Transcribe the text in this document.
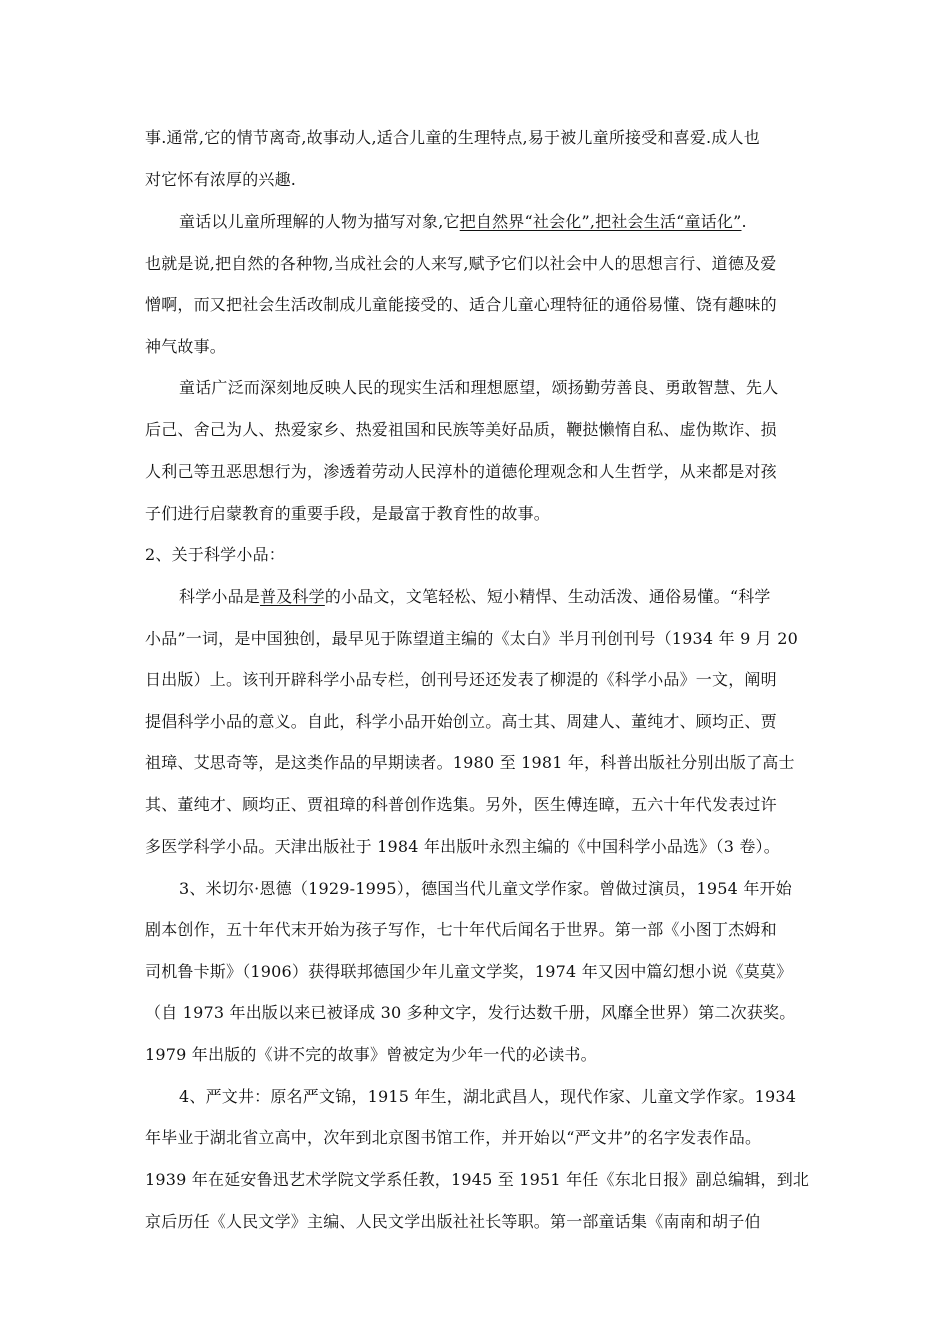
事.通常,它的情节离奇,故事动人,适合儿童的生理特点,易于被儿童所接受和喜爱.成人也
对它怀有浓厚的兴趣.
童话以儿童所理解的人物为描写对象,它把自然界“社会化”,把社会生活“童话化”.
也就是说,把自然的各种物,当成社会的人来写,赋予它们以社会中人的思想言行、道德及爱
憎啊，而又把社会生活改制成儿童能接受的、适合儿童心理特征的通俗易懂、饶有趣味的
神气故事。
童话广泛而深刻地反映人民的现实生活和理想愿望，颂扬勤劳善良、勇敢智慧、先人
后己、舍己为人、热爱家乡、热爱祖国和民族等美好品质，鞭挞懒惰自私、虚伪欺诈、损
人利己等丑恶思想行为，渗透着劳动人民淳朴的道德伦理观念和人生哲学，从来都是对孩
子们进行启蒙教育的重要手段，是最富于教育性的故事。
2、关于科学小品：
科学小品是普及科学的小品文，文笔轻松、短小精悍、生动活泼、通俗易懂。“科学
小品”一词，是中国独创，最早见于陈望道主编的《太白》半月刊创刊号（1934 年 9 月 20
日出版）上。该刊开辟科学小品专栏，创刊号还还发表了柳湜的《科学小品》一文，阐明
提倡科学小品的意义。自此，科学小品开始创立。高士其、周建人、董纯才、顾均正、贾
祖璋、艾思奇等，是这类作品的早期读者。1980 至 1981 年，科普出版社分别出版了高士
其、董纯才、顾均正、贾祖璋的科普创作选集。另外，医生傅连暲，五六十年代发表过许
多医学科学小品。天津出版社于 1984 年出版叶永烈主编的《中国科学小品选》（3 卷）。
3、米切尔·恩德（1929-1995），德国当代儿童文学作家。曾做过演员，1954 年开始
剧本创作，五十年代末开始为孩子写作，七十年代后闻名于世界。第一部《小图丁杰姆和
司机鲁卡斯》（1906）获得联邦德国少年儿童文学奖，1974 年又因中篇幻想小说《莫莫》
（自 1973 年出版以来已被译成 30 多种文字，发行达数千册，风靡全世界）第二次获奖。
1979 年出版的《讲不完的故事》曾被定为少年一代的必读书。
4、严文井：原名严文锦，1915 年生，湖北武昌人，现代作家、儿童文学作家。1934
年毕业于湖北省立高中，次年到北京图书馆工作，并开始以“严文井”的名字发表作品。
1939 年在延安鲁迅艺术学院文学系任教，1945 至 1951 年任《东北日报》副总编辑，到北
京后历任《人民文学》主编、人民文学出版社社长等职。第一部童话集《南南和胡子伯
